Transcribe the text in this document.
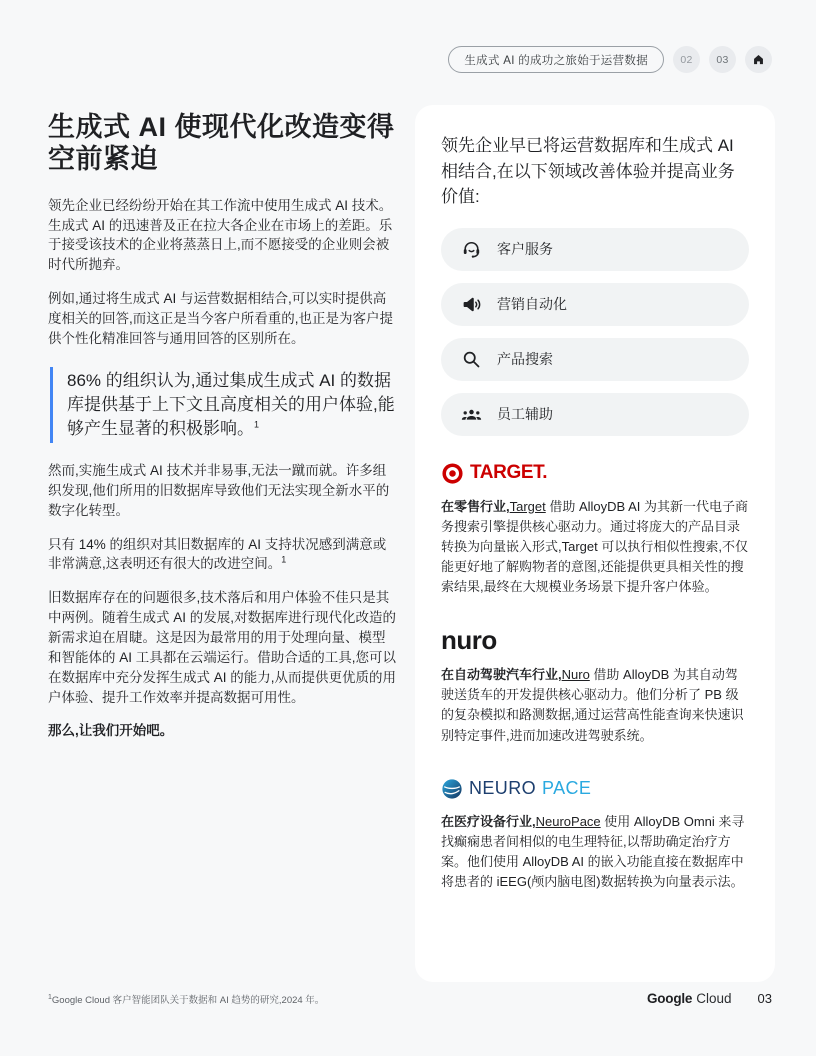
生成式 AI 的成功之旅始于运营数据	02	03
生成式 AI 使现代化改造变得空前紧迫

领先企业已经纷纷开始在其工作流中使用生成式 AI 技术。生成式 AI 的迅速普及正在拉大各企业在市场上的差距。乐于接受该技术的企业将蒸蒸日上,而不愿接受的企业则会被时代所抛弃。

例如,通过将生成式 AI 与运营数据相结合,可以实时提供高度相关的回答,而这正是当今客户所看重的,也正是为客户提供个性化精准回答与通用回答的区别所在。

86% 的组织认为,通过集成生成式 AI 的数据库提供基于上下文且高度相关的用户体验,能够产生显著的积极影响。$^1$

然而,实施生成式 AI 技术并非易事,无法一蹴而就。许多组织发现,他们所用的旧数据库导致他们无法实现全新水平的数字化转型。

只有 14% 的组织对其旧数据库的 AI 支持状况感到满意或非常满意,这表明还有很大的改进空间。$^1$

旧数据库存在的问题很多,技术落后和用户体验不佳只是其中两例。随着生成式 AI 的发展,对数据库进行现代化改造的新需求迫在眉睫。这是因为最常用的用于处理向量、模型和智能体的 AI 工具都在云端运行。借助合适的工具,您可以在数据库中充分发挥生成式 AI 的能力,从而提供更优质的用户体验、提升工作效率并提高数据可用性。

那么,让我们开始吧。

领先企业早已将运营数据库和生成式 AI 相结合,在以下领域改善体验并提高业务价值:
客户服务
营销自动化
产品搜索
员工辅助
TARGET.

在零售行业,Target 借助 AlloyDB AI 为其新一代电子商务搜索引擎提供核心驱动力。通过将庞大的产品目录转换为向量嵌入形式,Target 可以执行相似性搜索,不仅能更好地了解购物者的意图,还能提供更具相关性的搜索结果,最终在大规模业务场景下提升客户体验。

nuro

在自动驾驶汽车行业,Nuro 借助 AlloyDB 为其自动驾驶送货车的开发提供核心驱动力。他们分析了 PB 级的复杂模拟和路测数据,通过运营高性能查询来快速识别特定事件,进而加速改进驾驶系统。

NEURO PACE

在医疗设备行业,NeuroPace 使用 AlloyDB Omni 来寻找癫痫患者间相似的电生理特征,以帮助确定治疗方案。他们使用 AlloyDB AI 的嵌入功能直接在数据库中将患者的 iEEG(颅内脑电图)数据转换为向量表示法。

$^1$Google Cloud 客户智能团队关于数据和 AI 趋势的研究,2024 年。	Google Cloud 03
